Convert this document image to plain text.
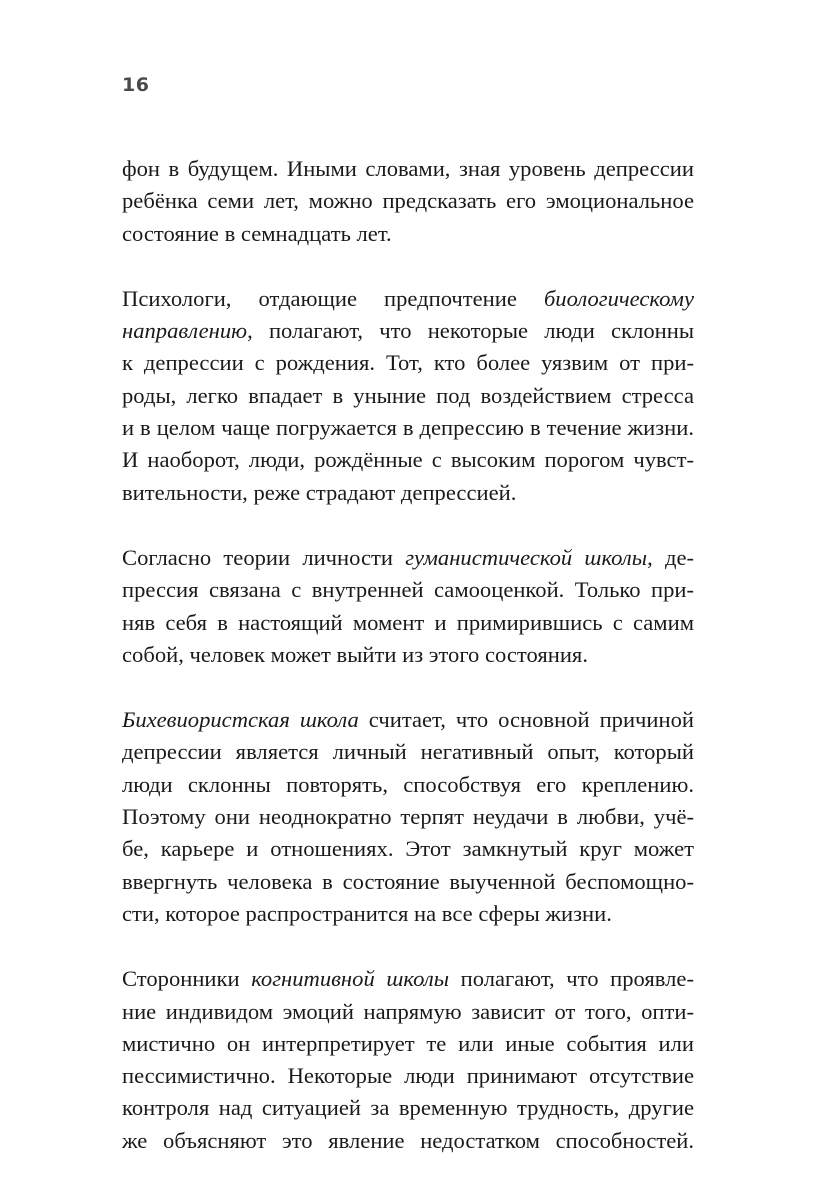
16

фон в будущем. Иными словами, зная уровень депрессии
ребёнка семи лет, можно предсказать его эмоциональное
состояние в семнадцать лет.

Психологи, отдающие предпочтение биологическому
направлению, полагают, что некоторые люди склонны
к депрессии с рождения. Тот, кто более уязвим от при-
роды, легко впадает в уныние под воздействием стресса
и в целом чаще погружается в депрессию в течение жизни.
И наоборот, люди, рождённые с высоким порогом чувст-
вительности, реже страдают депрессией.

Согласно теории личности гуманистической школы, де-
прессия связана с внутренней самооценкой. Только при-
няв себя в настоящий момент и примирившись с самим
собой, человек может выйти из этого состояния.

Бихевиористская школа считает, что основной причиной
депрессии является личный негативный опыт, который
люди склонны повторять, способствуя его креплению.
Поэтому они неоднократно терпят неудачи в любви, учё-
бе, карьере и отношениях. Этот замкнутый круг может
ввергнуть человека в состояние выученной беспомощно-
сти, которое распространится на все сферы жизни.

Сторонники когнитивной школы полагают, что проявле-
ние индивидом эмоций напрямую зависит от того, опти-
мистично он интерпретирует те или иные события или
пессимистично. Некоторые люди принимают отсутствие
контроля над ситуацией за временную трудность, другие
же объясняют это явление недостатком способностей.
